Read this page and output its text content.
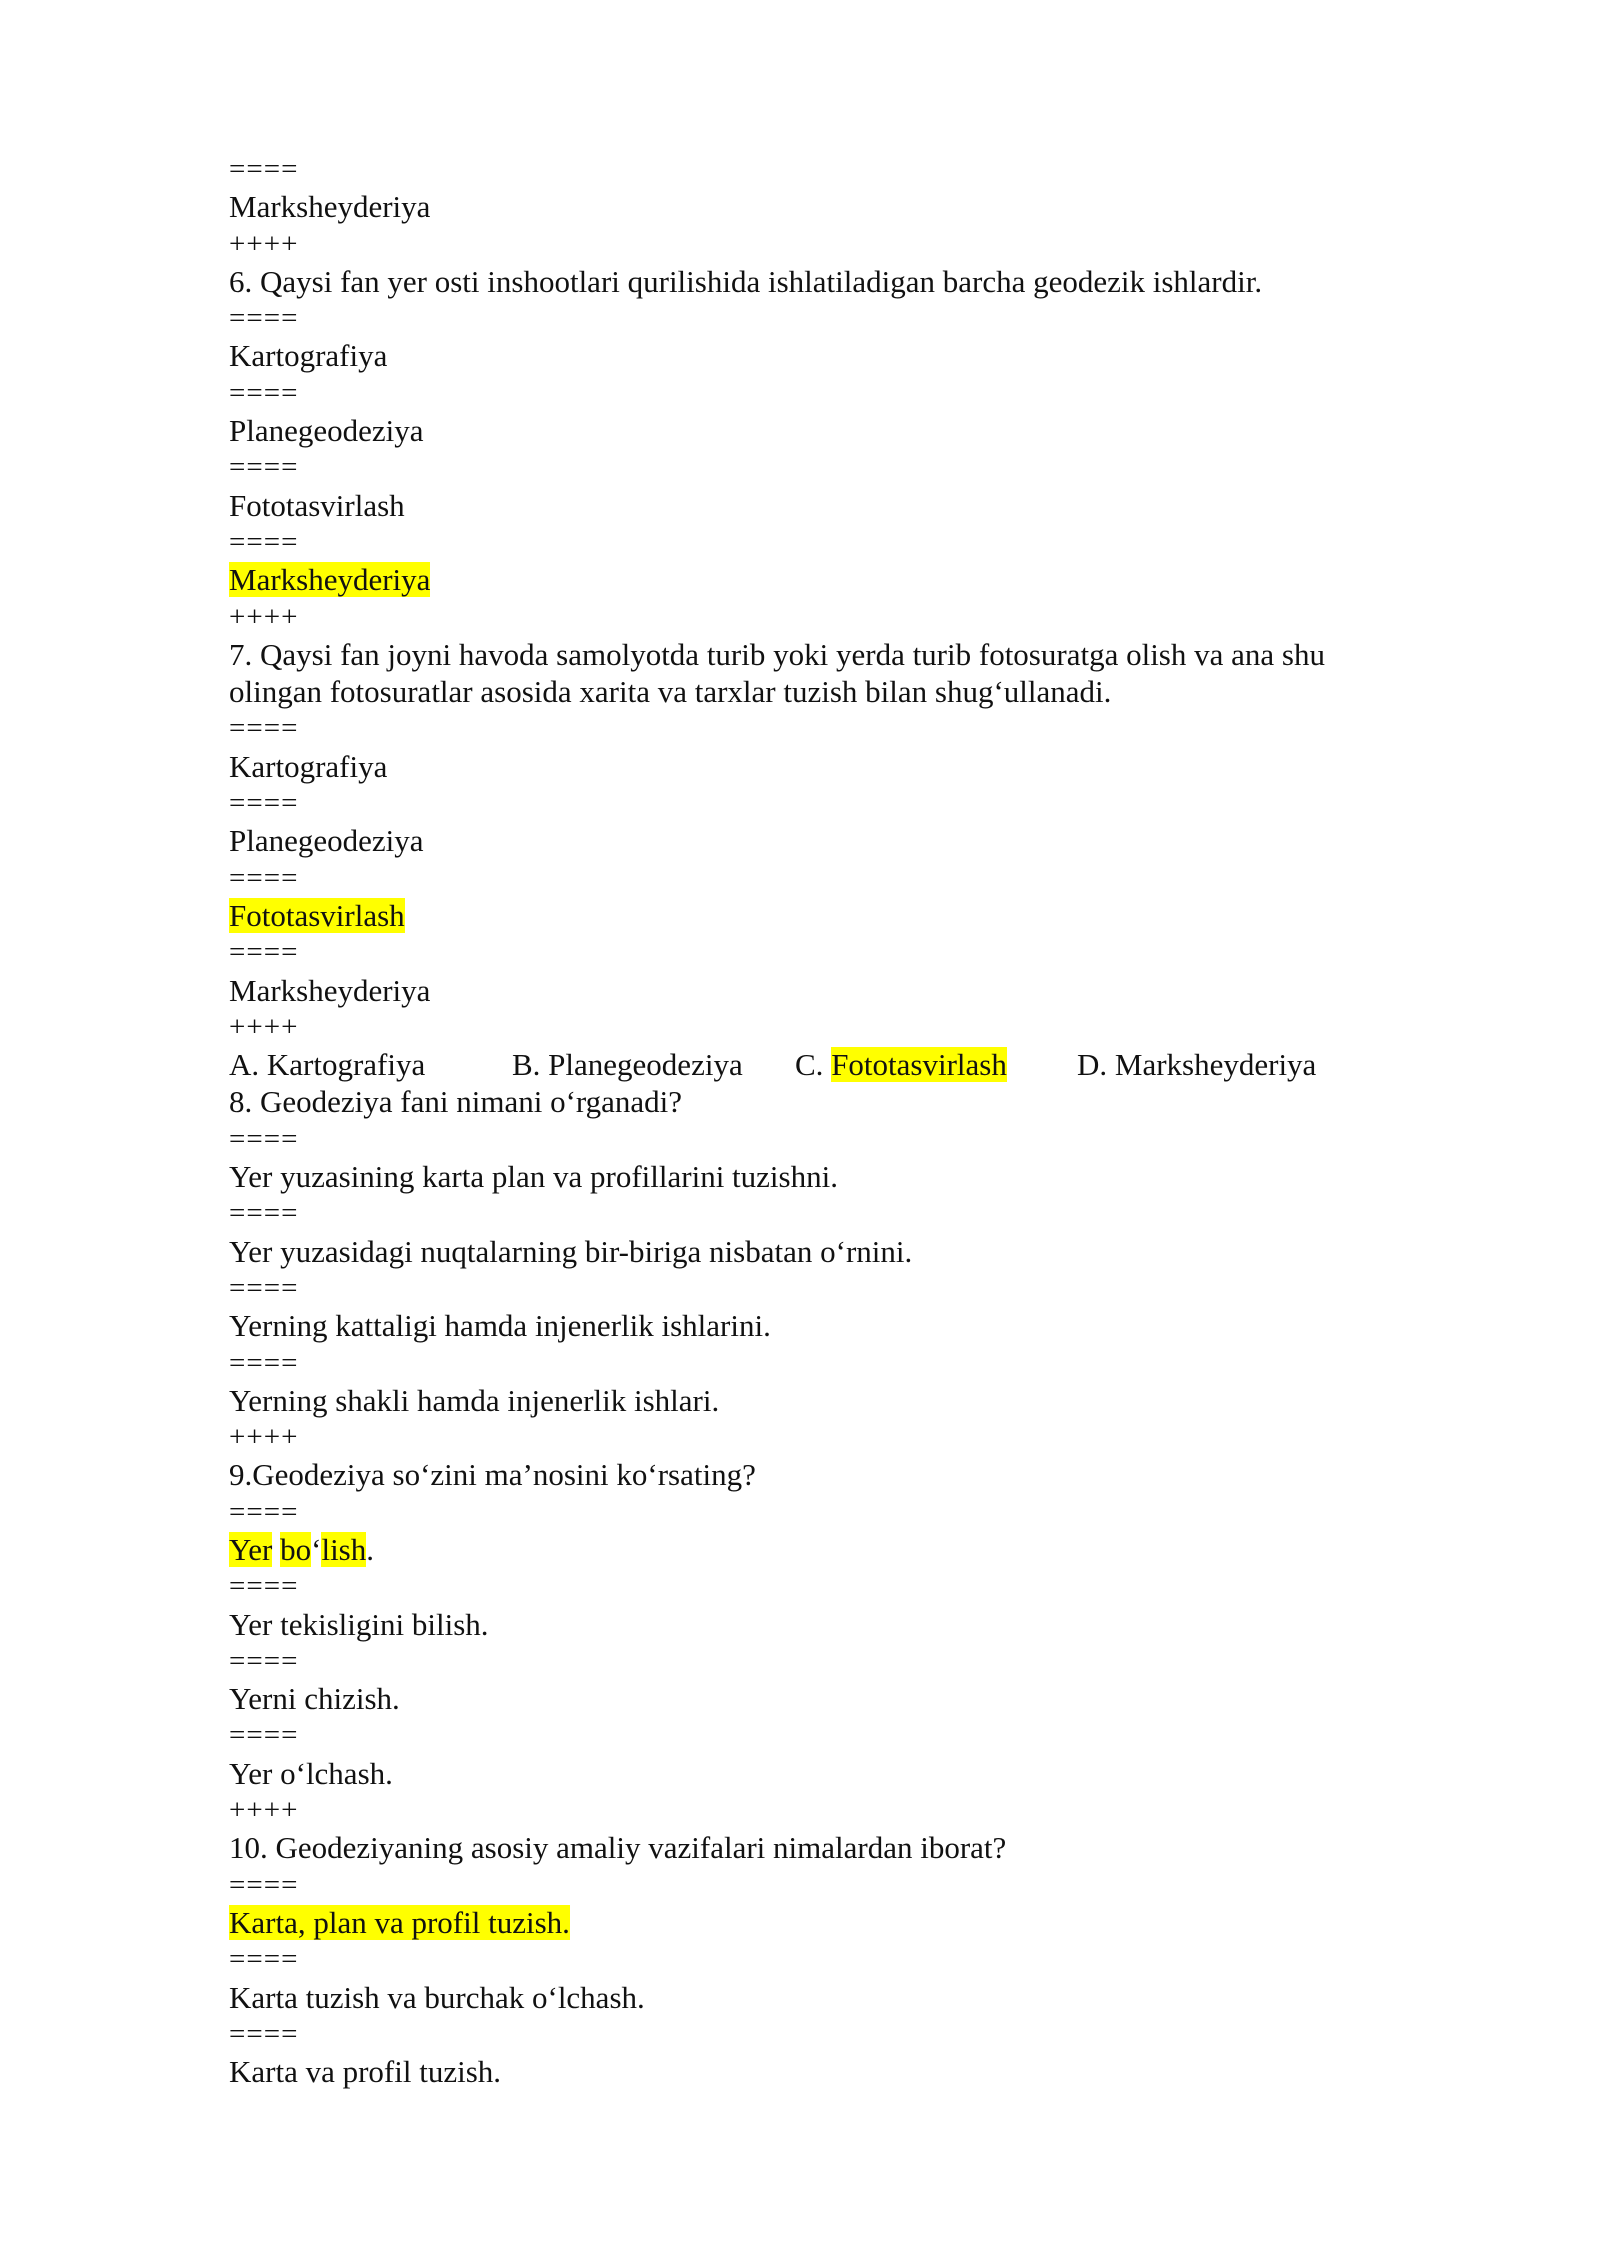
====
Marksheyderiya
++++
6. Qaysi fan yer osti inshootlari qurilishida ishlatiladigan barcha geodezik ishlardir.
====
Kartografiya
====
Planegeodeziya
====
Fototasvirlash
====
Marksheyderiya
++++
7. Qaysi fan joyni havoda samolyotda turib yoki yerda turib fotosuratga olish va ana shu
olingan fotosuratlar asosida xarita va tarxlar tuzish bilan shug‘ullanadi.
====
Kartografiya
====
Planegeodeziya
====
Fototasvirlash
====
Marksheyderiya
++++
A. Kartografiya	B. Planegeodeziya C. Fototasvirlash D. Marksheyderiya
8. Geodeziya fani nimani o‘rganadi?
====
Yer yuzasining karta plan va profillarini tuzishni.
====
Yer yuzasidagi nuqtalarning bir-biriga nisbatan o‘rnini.
====
Yerning kattaligi hamda injenerlik ishlarini.
====
Yerning shakli hamda injenerlik ishlari.
++++
9.Geodeziya so‘zini ma’nosini ko‘rsating?
====
Yer bo‘lish.
====
Yer tekisligini bilish.
====
Yerni chizish.
====
Yer o‘lchash.
++++
10. Geodeziyaning asosiy amaliy vazifalari nimalardan iborat?
====
Karta, plan va profil tuzish.
====
Karta tuzish va burchak o‘lchash.
====
Karta va profil tuzish.
